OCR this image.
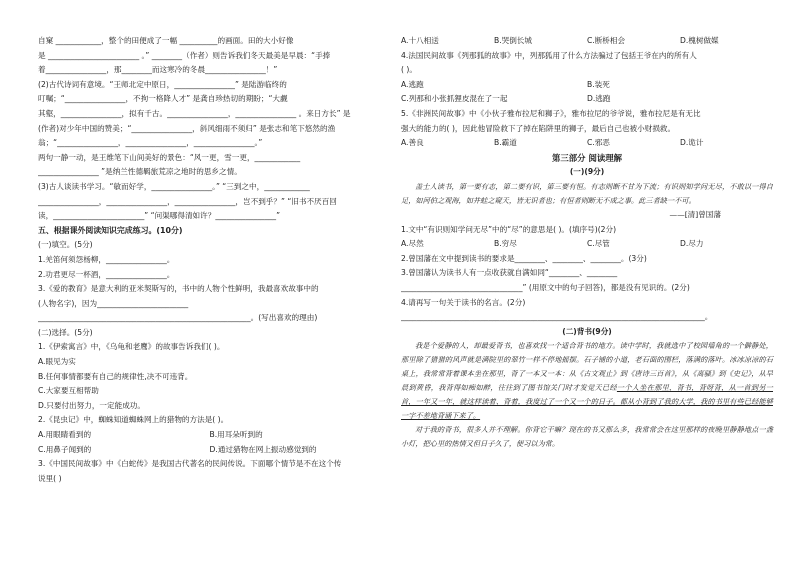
自窠 ____________，整个的田便成了一幅 __________的画面。田的大小好像
是 ________________________ 。” ________（作者）则告诉我们冬天最美是早晨：“手捧
着________________，那________而这寒冷的冬晨________________！”
(2)古代诗词有意境。“王师北定中原日，________________” 是陆游临终的
叮嘱；“________________，不拘一格降人才” 是龚自珍热切的期盼；“大觑
其壑，________________，拟有千古。________________，________________ 。来日方长” 是
(作者)对少年中国的赞美；“________________，斜风细雨不须归” 是张志和笔下悠然的渔
翁；“________________，________________，________________。”
两句一静一动，是王维笔下山间美好的景色：“风一更，雪一更，____________
________________ ”是纳兰性德羁旅荒凉之地时的思乡之情。
(3)古人谈读书学习。“敏而好学，________________。” “三到之中，____________
________________，________________，________________，岂不到乎？” “旧书不厌百回
读，________________________” “问渠哪得清如许？________________”
五、根据课外阅读知识完成练习。(10分)
(一)填空。(5分)
1.羌笛何须怨杨柳，________________。
2.功君更尽一杯酒，________________。
3.《爱的教育》是意大利的亚米契斯写的，书中的人物个性鲜明，我最喜欢故事中的
(人物名字)，因为________________________
________________________________________________________。(写出喜欢的理由)
(二)选择。(5分)
1.《伊索寓言》中，《乌龟和老鹰》的故事告诉我们( )。
A.眼见为实
B.任何事情都要有自己的规律性,决不可违背。
C.大家要互相帮助
D.只要付出努力，一定能成功。
2.《昆虫记》中，蜘蛛知道蜘蛛网上的猎物的方法是( )。
A.用眼睛看到的	B.用耳朵听到的
C.用鼻子闻到的	D.通过猎物在网上振动感觉到的
3.《中国民间故事》中《白蛇传》是我国古代著名的民间传说。下面哪个情节是不在这个传
说里( )
A.十八相送	B.哭倒长城	C.断桥相会	D.槐树做媒
4.法国民间故事《列那狐的故事》中，列那狐用了什么方法骗过了包括王爷在内的所有人
( )。
A.逃跑	B.装死
C.列那和小张抓狸皮混在了一起	D.逃跑
5.《非洲民间故事》中《小伙子雅布拉尼和狮子》，雅布拉尼的爷爷说，雅布拉尼是有无比
强大的能力的( )，因此他冒险救下了掉在陷阱里的狮子，最后自己也被小财损救。
A.善良	B.霸道	C.邪恶	D.诡计
第三部分 阅读理解
(一)(9分)

盖士人读书，第一要有志，第二要有识，第三要有恒。有志则断不甘为下流；有识则知学问无尽，不敢以一得自足，如河伯之观海，如井蛙之窥天，皆无识者也；有恒者则断无不成之事。此三者缺一不可。

——[清]曾国藩
1.文中“有识则知学问无尽”中的“尽”的意思是( )。(填序号)(2分)
A.尽然	B.穷尽	C.尽管	D.尽力
2.曾国藩在文中提到读书的要求是________、________、________。(3分)
3.曾国藩认为读书人有一点收获就自满如同“________、________
________________________________” (用原文中的句子回答)，都是没有见识的。(2分)
4.请再写一句关于读书的名言。(2分)
________________________________________________________________________________。
(二)背书(9分)

我是个爱静的人，却最爱背书，也喜欢找一个适合背书的地方。读中学时，我就选中了校园墙角的一个僻静处，那里除了猎猎的风声就是满院里的翠竹一样不停地摇摆。石子铺的小道，老石面的围栏，落满的落叶。冰冰凉凉的石桌上，我常常背着课本坐在那里，背了一本又一本：从《古文观止》到《唐诗三百首》，从《离骚》到《史记》，从早晨到黄昏，我背得如痴如醉，往往到了图书馆关门时才发觉天已经一个人坐在那里，背书，背呀背，从一首到另一首，一年又一年，就这样读着、背着，我度过了一个又一个的日子。都从小背到了我的大学，我的书里有些已经能够一字不差地背诵下来了。

对于我的背书，很多人并不理解。你背它干嘛？现在的书又那么多，我常常会在这里那样的夜晚里静静地点一盏小灯，把心里的热情又但日子久了，便习以为常。
